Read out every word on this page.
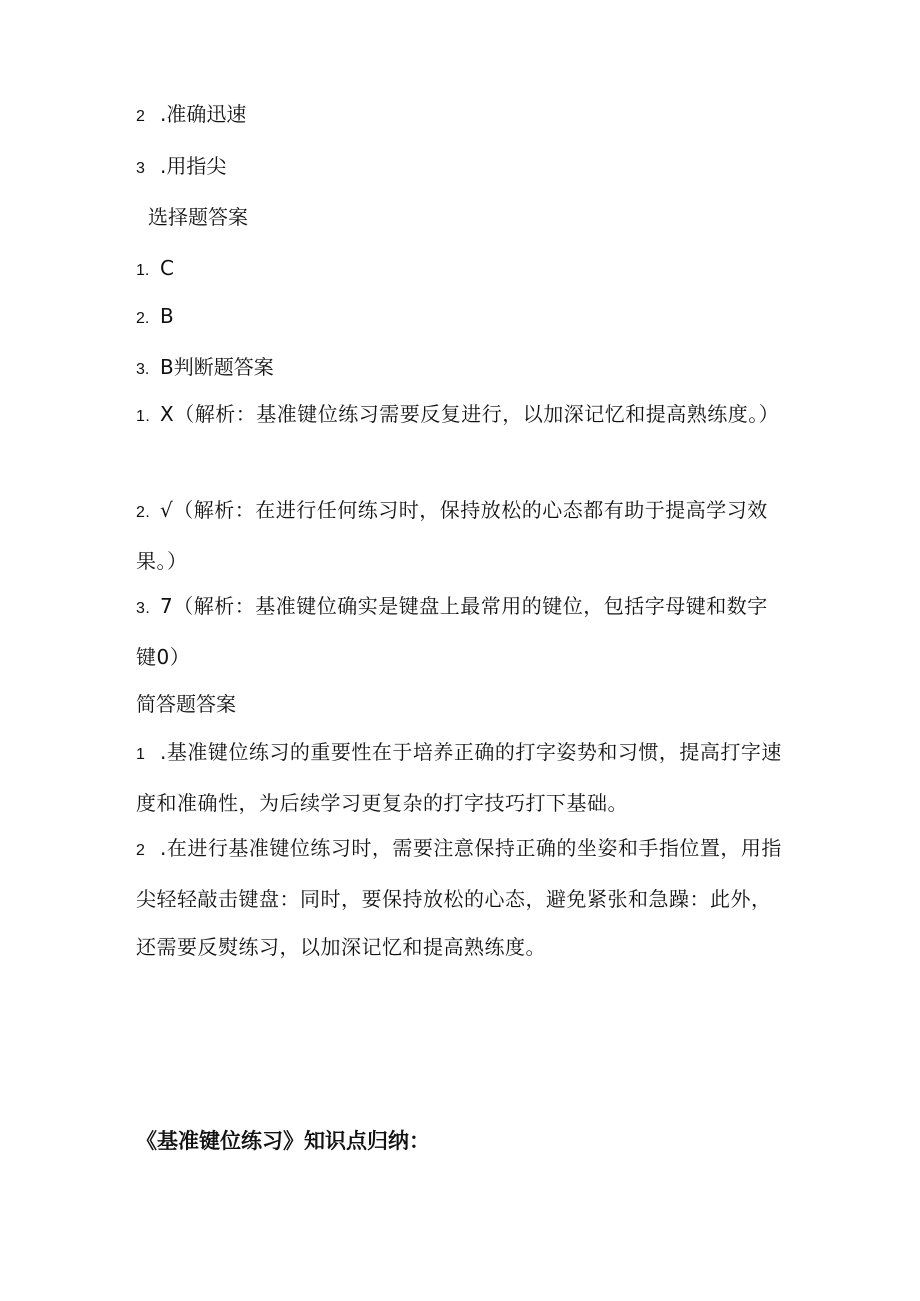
2 .准确迅速
3 .用指尖
选择题答案
1. C
2. B
3. B判断题答案
1. X（解析：基准键位练习需要反复进行，以加深记忆和提高熟练度。）
2. √（解析：在进行任何练习时，保持放松的心态都有助于提高学习效果。）
3. 7（解析：基准键位确实是键盘上最常用的键位，包括字母键和数字键0）
简答题答案
1 .基准键位练习的重要性在于培养正确的打字姿势和习惯，提高打字速度和准确性，为后续学习更复杂的打字技巧打下基础。
2 .在进行基准键位练习时，需要注意保持正确的坐姿和手指位置，用指尖轻轻敲击键盘：同时，要保持放松的心态，避免紧张和急躁：此外，还需要反熨练习，以加深记忆和提高熟练度。
《基准键位练习》知识点归纳：
